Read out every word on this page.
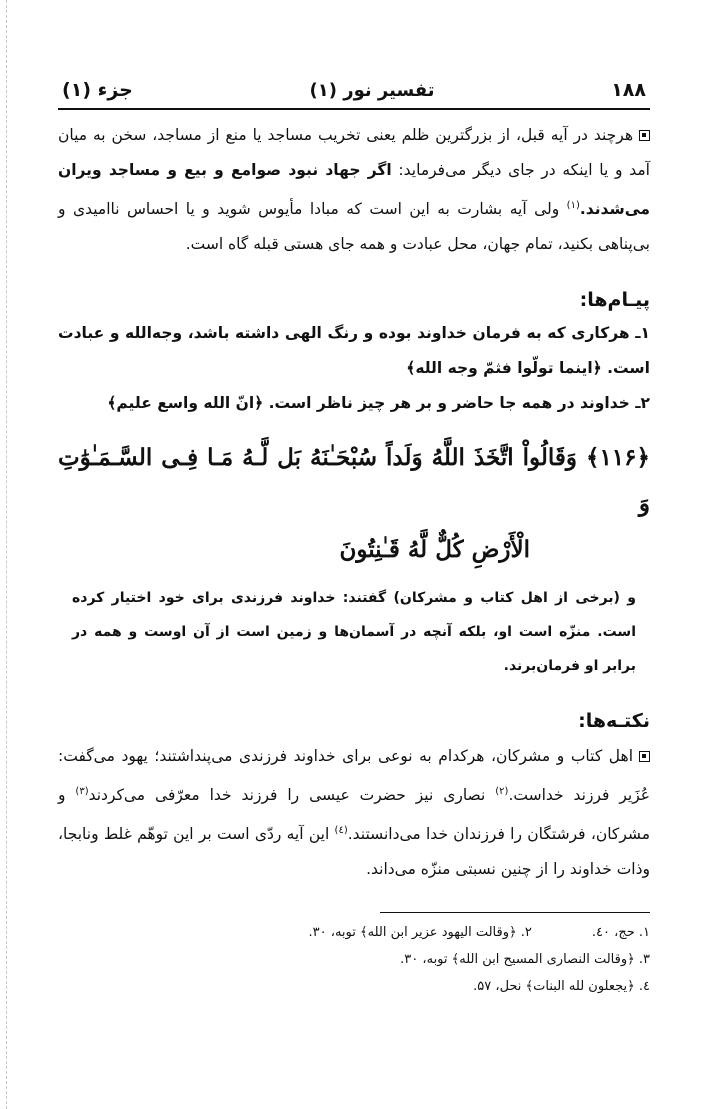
۱۸۸
تفسیر نور (۱)
جزء (۱)

هرچند در آیه قبل، از بزرگترین ظلم یعنی تخریب مساجد یا منع از مساجد، سخن به میان آمد و یا اینکه در جای دیگر می‌فرماید: اگر جهاد نبود صوامع و بیع و مساجد ویران می‌شدند.$^{(۱)}$ ولی آیه بشارت به این است که مبادا مأیوس شوید و یا احساس ناامیدی و بی‌پناهی بکنید، تمام جهان، محل عبادت و همه جای هستی قبله گاه است.

پیـام‌ها:

۱ـ هرکاری که به فرمان خداوند بوده و رنگ الهی داشته باشد، وجه‌الله و عبادت است. ﴿اینما تولّوا فثمّ وجه الله﴾

۲ـ خداوند در همه جا حاضر و بر هر چیز ناظر است. ﴿انّ الله واسع علیم﴾

﴿۱۱۶﴾ وَقَالُواْ اتَّخَذَ اللَّهُ وَلَداً سُبْحَـٰنَهُ بَل لَّـهُ مَـا فِـی السَّـمَـٰوَٰتِ وَ
الْأَرْضِ كُلٌّ لَّهُ قَـٰنِتُونَ

و (برخی از اهل کتاب و مشرکان) گفتند: خداوند فرزندی برای خود اختیار کرده است. منزّه است او، بلکه آنچه در آسمان‌ها و زمین است از آن اوست و همه در برابر او فرمان‌برند.

نکتـه‌ها:

اهل کتاب و مشرکان، هرکدام به نوعی برای خداوند فرزندی می‌پنداشتند؛ یهود می‌گفت: عُزَیر فرزند خداست.$^{(۲)}$ نصاری نیز حضرت عیسی را فرزند خدا معرّفی می‌کردند$^{(۳)}$ و مشرکان، فرشتگان را فرزندان خدا می‌دانستند.$^{(٤)}$ این آیه ردّی است بر این توهّم غلط ونابجا، وذات خداوند را از چنین نسبتی منزّه می‌داند.

۱. حج، ٤٠.
۲. ﴿وقالت الیهود عزیر ابن الله﴾ توبه، ۳٠.
۳. ﴿وقالت النصاری المسیح ابن الله﴾ توبه، ۳٠.
٤. ﴿یجعلون لله البنات﴾ نحل، ۵۷.
